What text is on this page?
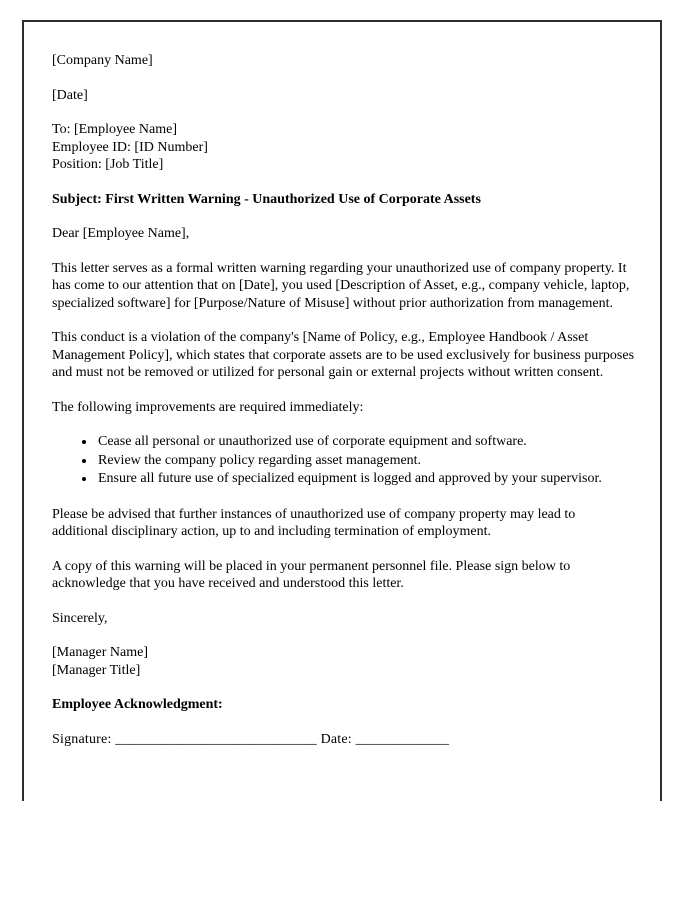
[Company Name]

[Date]

To: [Employee Name]
Employee ID: [ID Number]
Position: [Job Title]

Subject: First Written Warning - Unauthorized Use of Corporate Assets

Dear [Employee Name],

This letter serves as a formal written warning regarding your unauthorized use of company property. It has come to our attention that on [Date], you used [Description of Asset, e.g., company vehicle, laptop, specialized software] for [Purpose/Nature of Misuse] without prior authorization from management.

This conduct is a violation of the company's [Name of Policy, e.g., Employee Handbook / Asset Management Policy], which states that corporate assets are to be used exclusively for business purposes and must not be removed or utilized for personal gain or external projects without written consent.

The following improvements are required immediately:

• Cease all personal or unauthorized use of corporate equipment and software.
• Review the company policy regarding asset management.
• Ensure all future use of specialized equipment is logged and approved by your supervisor.

Please be advised that further instances of unauthorized use of company property may lead to additional disciplinary action, up to and including termination of employment.

A copy of this warning will be placed in your permanent personnel file. Please sign below to acknowledge that you have received and understood this letter.

Sincerely,

[Manager Name]
[Manager Title]

Employee Acknowledgment:

Signature: ____________________________ Date: _____________
